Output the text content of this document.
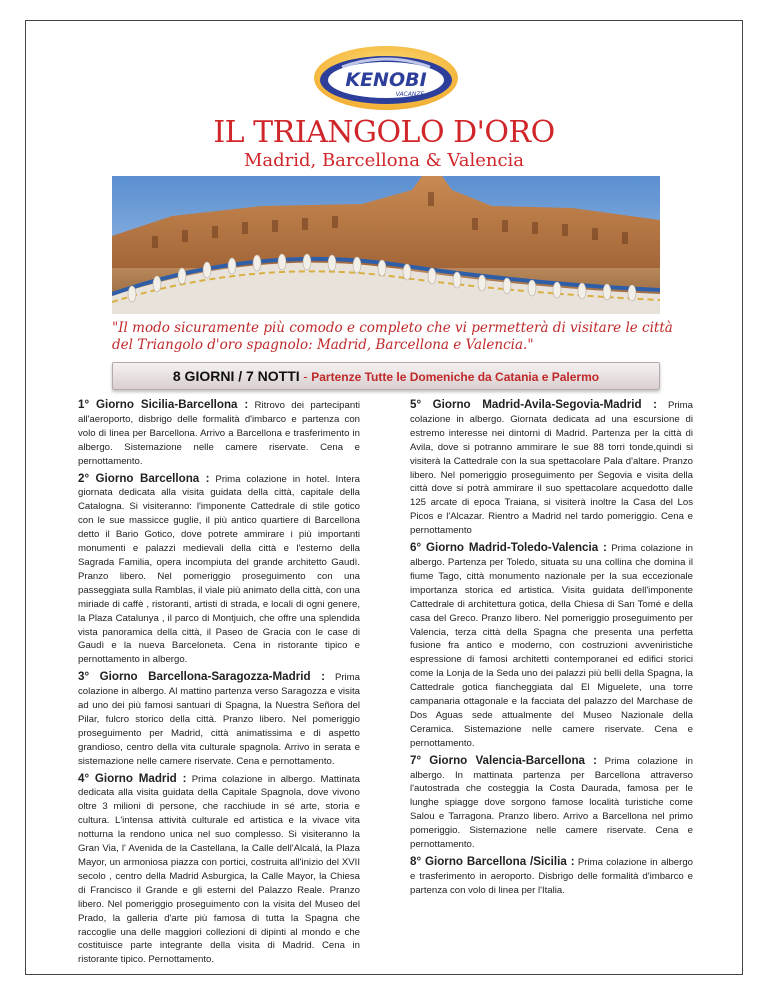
KENOBI
VACANZE
IL TRIANGOLO D'ORO
Madrid, Barcellona & Valencia
"Il modo sicuramente più comodo e completo che vi permetterà di visitare le città del Triangolo d'oro spagnolo: Madrid, Barcellona e Valencia."
8 GIORNI / 7 NOTTI - Partenze Tutte le Domeniche da Catania e Palermo

1° Giorno Sicilia-Barcellona : Ritrovo dei partecipanti all'aeroporto, disbrigo delle formalità d'imbarco e partenza con volo di linea per Barcellona. Arrivo a Barcellona e trasferimento in albergo. Sistemazione nelle camere riservate. Cena e pernottamento.

2° Giorno Barcellona : Prima colazione in hotel. Intera giornata dedicata alla visita guidata della città, capitale della Catalogna. Si visiteranno: l'imponente Cattedrale di stile gotico con le sue massicce guglie, il più antico quartiere di Barcellona detto il Bario Gotico, dove potrete ammirare i più importanti monumenti e palazzi medievali della città e l'esterno della Sagrada Familia, opera incompiuta del grande architetto Gaudì. Pranzo libero. Nel pomeriggio proseguimento con una passeggiata sulla Ramblas, il viale più animato della città, con una miriade di caffè , ristoranti, artisti di strada, e locali di ogni genere, la Plaza Catalunya , il parco di Montjuich, che offre una splendida vista panoramica della città, il Paseo de Gracia con le case di Gaudì e la nueva Barceloneta. Cena in ristorante tipico e pernottamento in albergo.

3° Giorno Barcellona-Saragozza-Madrid : Prima colazione in albergo. Al mattino partenza verso Saragozza e visita ad uno dei più famosi santuari di Spagna, la Nuestra Señora del Pilar, fulcro storico della città. Pranzo libero. Nel pomeriggio proseguimento per Madrid, città animatissima e di aspetto grandioso, centro della vita culturale spagnola. Arrivo in serata e sistemazione nelle camere riservate. Cena e pernottamento.

4° Giorno Madrid : Prima colazione in albergo. Mattinata dedicata alla visita guidata della Capitale Spagnola, dove vivono oltre 3 milioni di persone, che racchiude in sé arte, storia e cultura. L'intensa attività culturale ed artistica e la vivace vita notturna la rendono unica nel suo complesso. Si visiteranno la Gran Via, l' Avenida de la Castellana, la Calle dell'Alcalá, la Plaza Mayor, un armoniosa piazza con portici, costruita all'inizio del XVII secolo , centro della Madrid Asburgica, la Calle Mayor, la Chiesa di Francisco il Grande e gli esterni del Palazzo Reale. Pranzo libero. Nel pomeriggio proseguimento con la visita del Museo del Prado, la galleria d'arte più famosa di tutta la Spagna che raccoglie una delle maggiori collezioni di dipinti al mondo e che costituisce parte integrante della visita di Madrid. Cena in ristorante tipico. Pernottamento.

5° Giorno Madrid-Avila-Segovia-Madrid : Prima colazione in albergo. Giornata dedicata ad una escursione di estremo interesse nei dintorni di Madrid. Partenza per la città di Avila, dove si potranno ammirare le sue 88 torri tonde,quindi si visiterà la Cattedrale con la sua spettacolare Pala d'altare. Pranzo libero. Nel pomeriggio proseguimento per Segovia e visita della città dove si potrà ammirare il suo spettacolare acquedotto dalle 125 arcate di epoca Traiana, si visiterà inoltre la Casa del Los Picos e l'Alcazar. Rientro a Madrid nel tardo pomeriggio. Cena e pernottamento

6° Giorno Madrid-Toledo-Valencia : Prima colazione in albergo. Partenza per Toledo, situata su una collina che domina il fiume Tago, città monumento nazionale per la sua eccezionale importanza storica ed artistica. Visita guidata dell'imponente Cattedrale di architettura gotica, della Chiesa di San Tomé e della casa del Greco. Pranzo libero. Nel pomeriggio proseguimento per Valencia, terza città della Spagna che presenta una perfetta fusione fra antico e moderno, con costruzioni avveniristiche espressione di famosi architetti contemporanei ed edifici storici come la Lonja de la Seda uno dei palazzi più belli della Spagna, la Cattedrale gotica fiancheggiata dal El Miguelete, una torre campanaria ottagonale e la facciata del palazzo del Marchase de Dos Aguas sede attualmente del Museo Nazionale della Ceramica. Sistemazione nelle camere riservate. Cena e pernottamento.

7° Giorno Valencia-Barcellona : Prima colazione in albergo. In mattinata partenza per Barcellona attraverso l'autostrada che costeggia la Costa Daurada, famosa per le lunghe spiagge dove sorgono famose località turistiche come Salou e Tarragona. Pranzo libero. Arrivo a Barcellona nel primo pomeriggio. Sistemazione nelle camere riservate. Cena e pernottamento.

8° Giorno Barcellona /Sicilia : Prima colazione in albergo e trasferimento in aeroporto. Disbrigo delle formalità d'imbarco e partenza con volo di linea per l'Italia.
